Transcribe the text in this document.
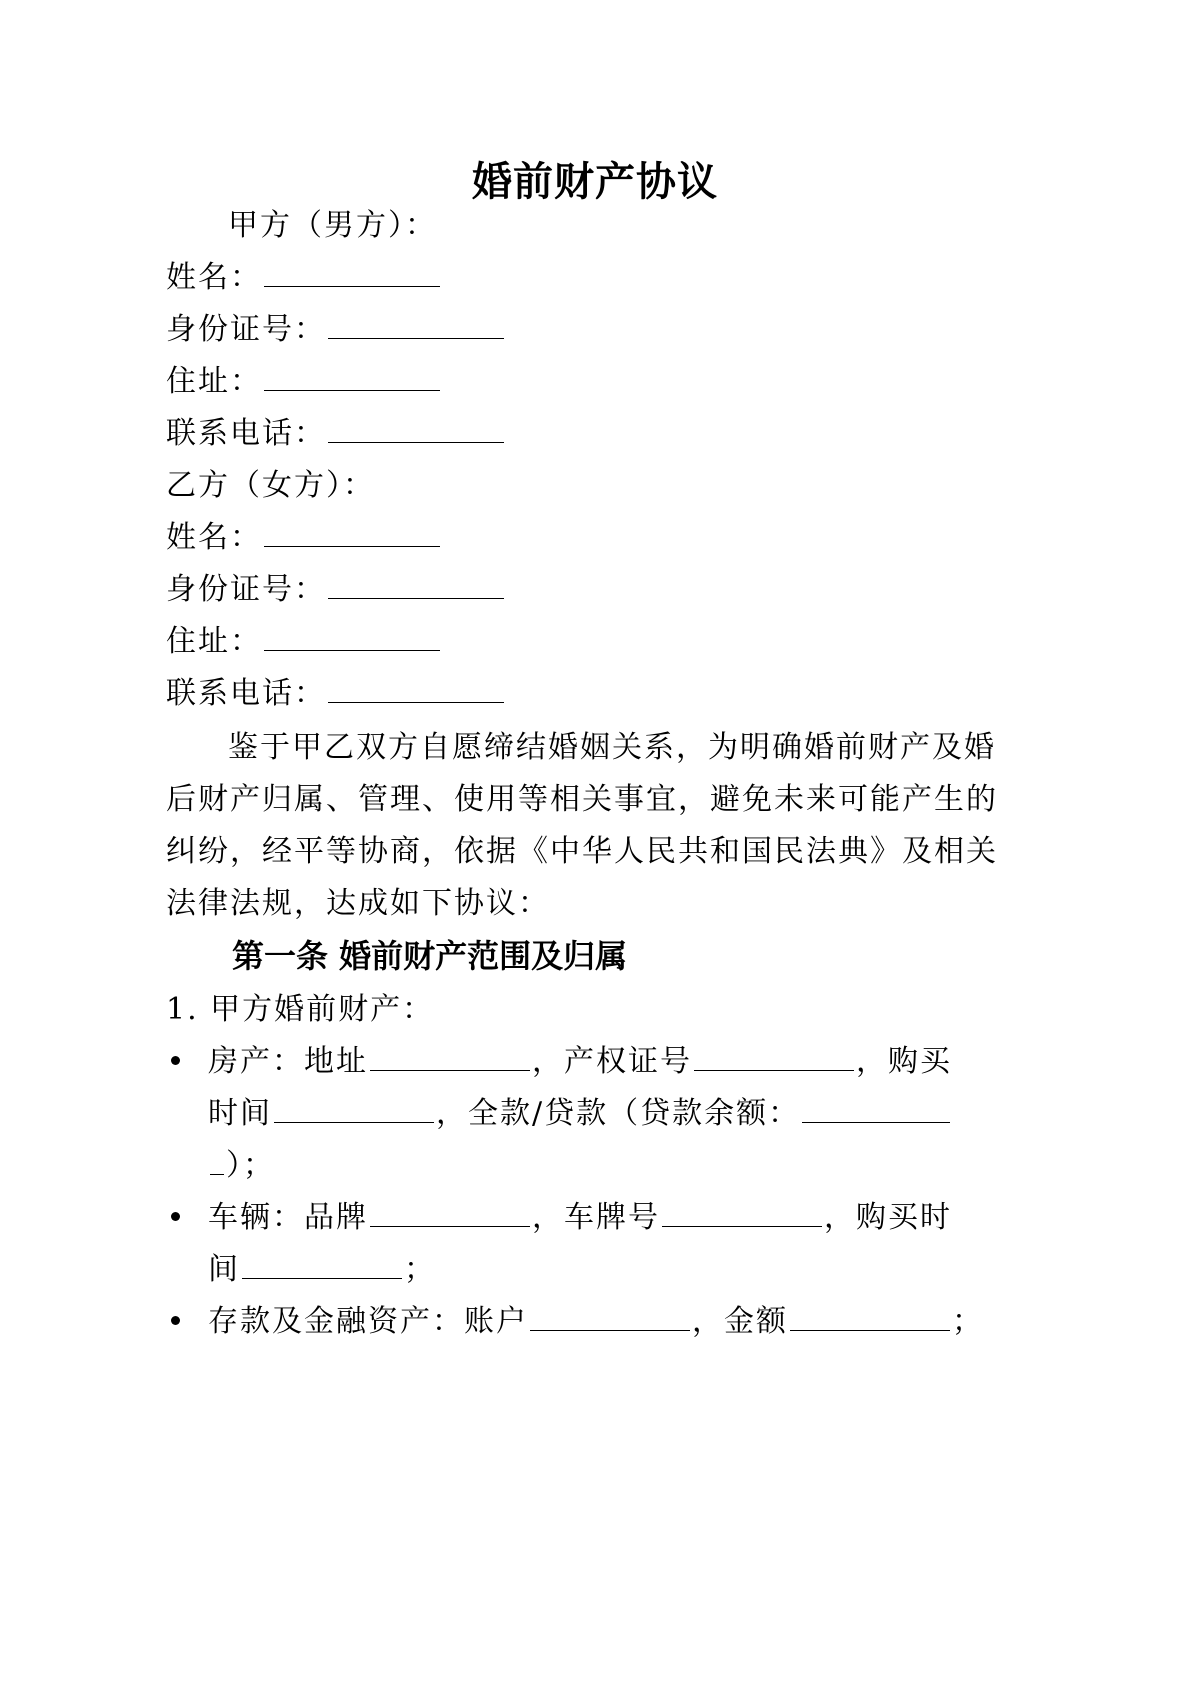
婚前财产协议
甲方（男方）：
姓名：
身份证号：
住址：
联系电话：
乙方（女方）：
姓名：
身份证号：
住址：
联系电话：
鉴于甲乙双方自愿缔结婚姻关系，为明确婚前财产及婚
后财产归属、管理、使用等相关事宜，避免未来可能产生的
纠纷，经平等协商，依据《中华人民共和国民法典》及相关
法律法规，达成如下协议：
第一条 婚前财产范围及归属
1. 甲方婚前财产：
房产：地址	，产权证号	，购买
时间	，全款/贷款（贷款余额：
）；
车辆：品牌	，车牌号	，购买时
间	；
存款及金融资产：账户	，金额	；
